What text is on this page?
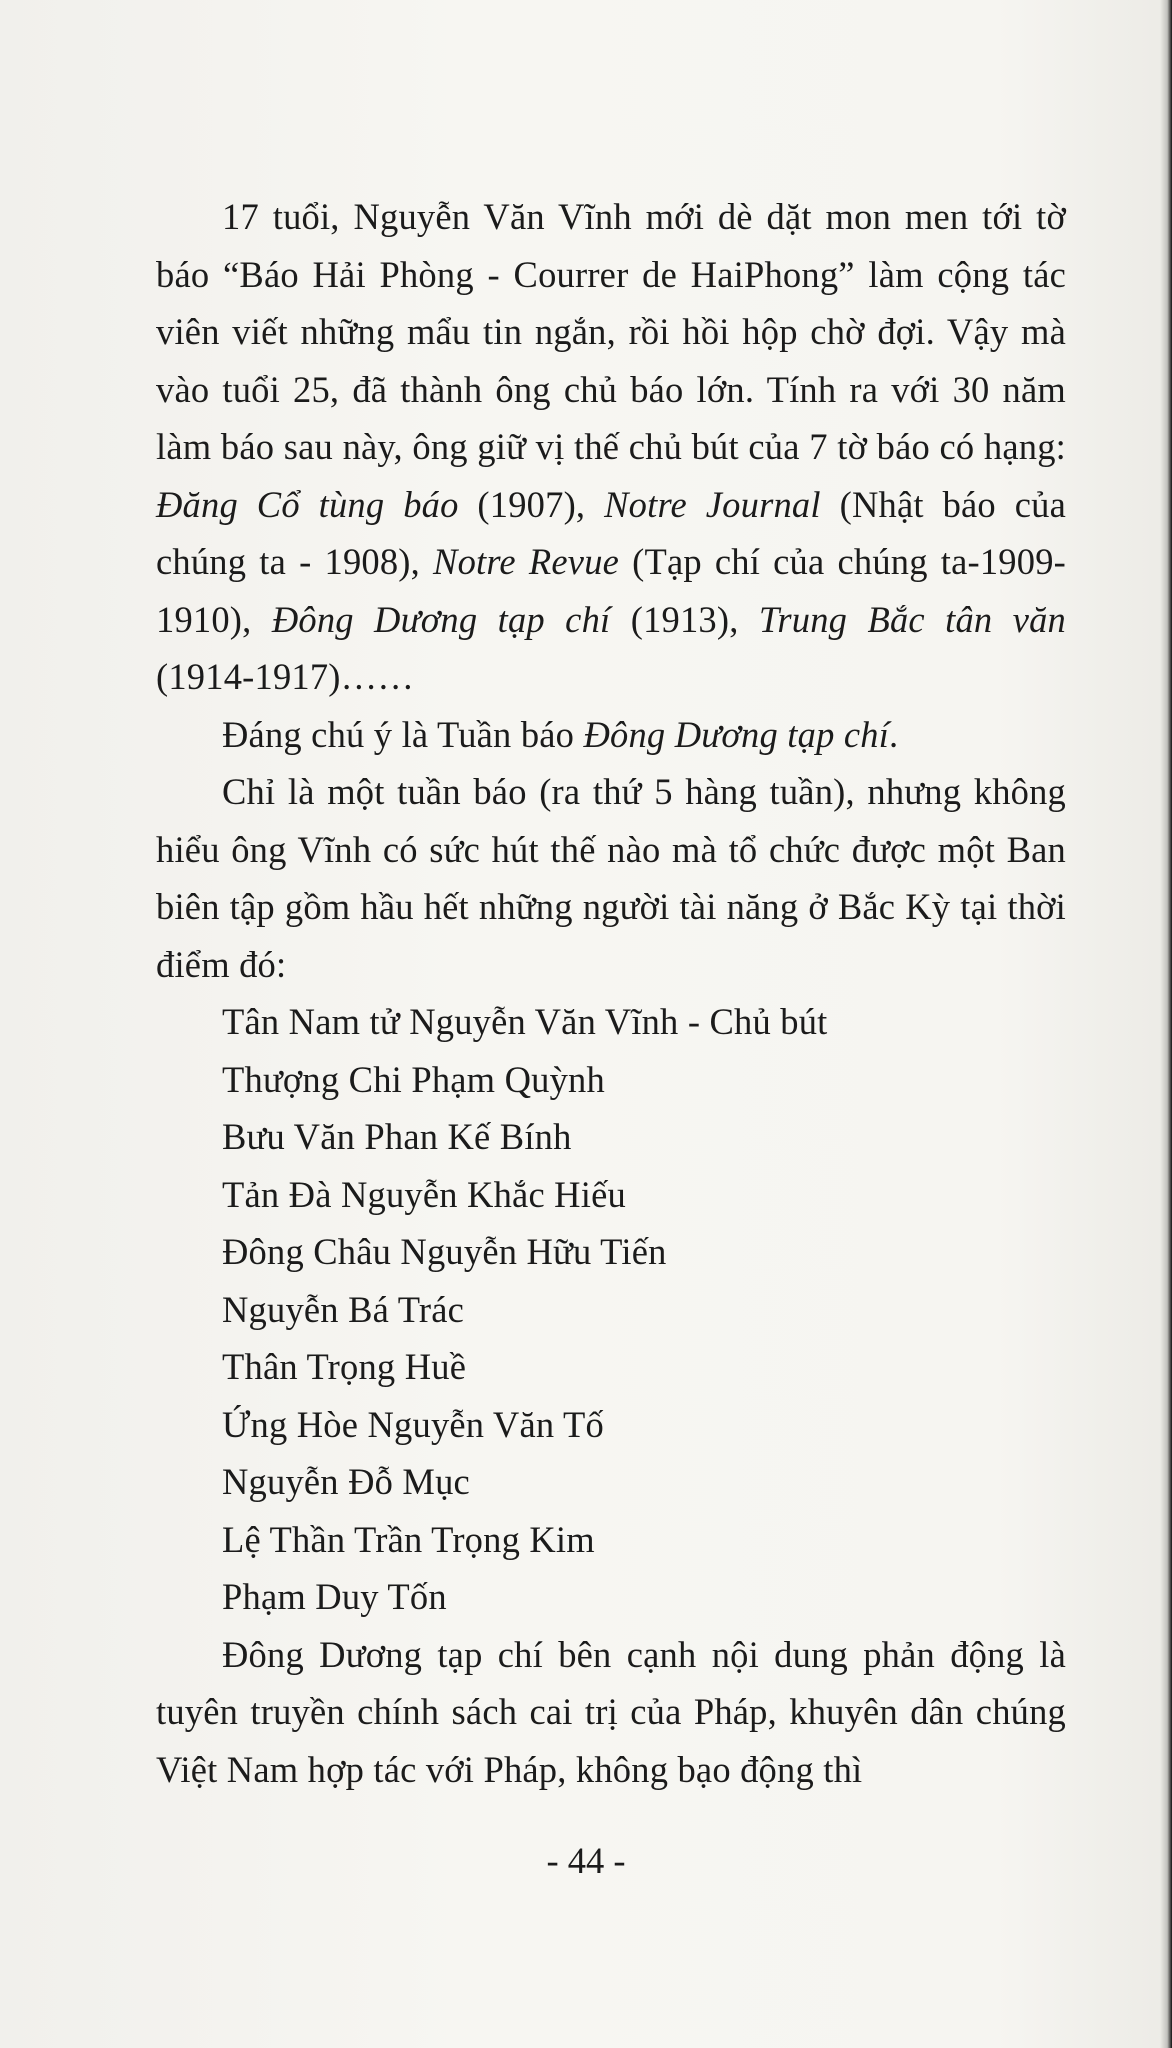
17 tuổi, Nguyễn Văn Vĩnh mới dè dặt mon men tới tờ báo “Báo Hải Phòng - Courrer de HaiPhong” làm cộng tác viên viết những mẩu tin ngắn, rồi hồi hộp chờ đợi. Vậy mà vào tuổi 25, đã thành ông chủ báo lớn. Tính ra với 30 năm làm báo sau này, ông giữ vị thế chủ bút của 7 tờ báo có hạng: Đăng Cổ tùng báo (1907), Notre Journal (Nhật báo của chúng ta - 1908), Notre Revue (Tạp chí của chúng ta-1909-1910), Đông Dương tạp chí (1913), Trung Bắc tân văn (1914-1917)……

Đáng chú ý là Tuần báo Đông Dương tạp chí.

Chỉ là một tuần báo (ra thứ 5 hàng tuần), nhưng không hiểu ông Vĩnh có sức hút thế nào mà tổ chức được một Ban biên tập gồm hầu hết những người tài năng ở Bắc Kỳ tại thời điểm đó:

Tân Nam tử Nguyễn Văn Vĩnh - Chủ bút
Thượng Chi Phạm Quỳnh
Bưu Văn Phan Kế Bính
Tản Đà Nguyễn Khắc Hiếu
Đông Châu Nguyễn Hữu Tiến
Nguyễn Bá Trác
Thân Trọng Huề
Ứng Hòe Nguyễn Văn Tố
Nguyễn Đỗ Mục
Lệ Thần Trần Trọng Kim
Phạm Duy Tốn

Đông Dương tạp chí bên cạnh nội dung phản động là tuyên truyền chính sách cai trị của Pháp, khuyên dân chúng Việt Nam hợp tác với Pháp, không bạo động thì

- 44 -
